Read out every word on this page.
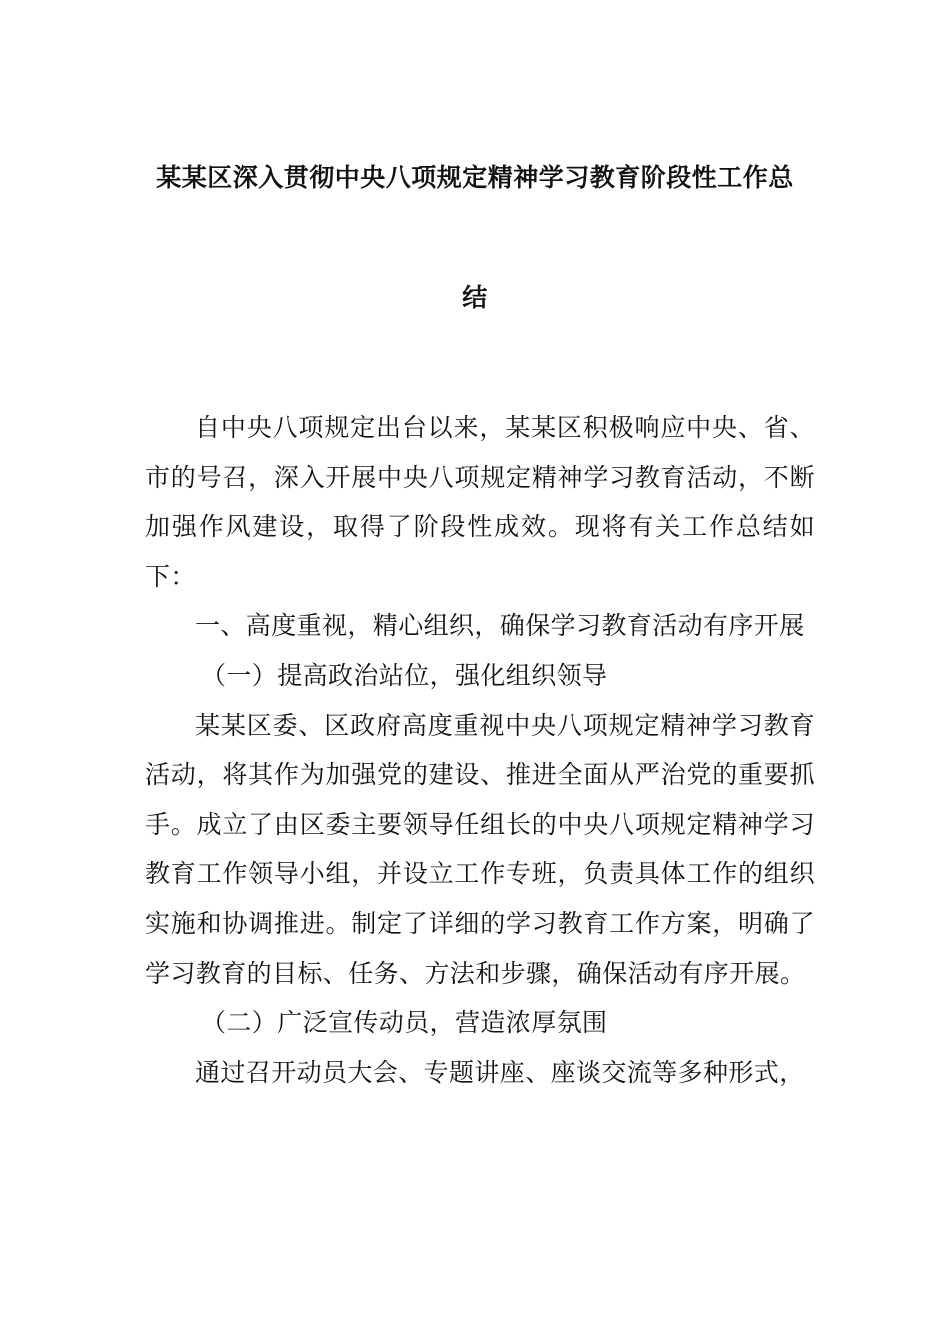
某某区深入贯彻中央八项规定精神学习教育阶段性工作总
结

自中央八项规定出台以来，某某区积极响应中央、省、市的号召，深入开展中央八项规定精神学习教育活动，不断加强作风建设，取得了阶段性成效。现将有关工作总结如下：

一、高度重视，精心组织，确保学习教育活动有序开展

（一）提高政治站位，强化组织领导

某某区委、区政府高度重视中央八项规定精神学习教育活动，将其作为加强党的建设、推进全面从严治党的重要抓手。成立了由区委主要领导任组长的中央八项规定精神学习教育工作领导小组，并设立工作专班，负责具体工作的组织实施和协调推进。制定了详细的学习教育工作方案，明确了学习教育的目标、任务、方法和步骤，确保活动有序开展。

（二）广泛宣传动员，营造浓厚氛围

通过召开动员大会、专题讲座、座谈交流等多种形式，
